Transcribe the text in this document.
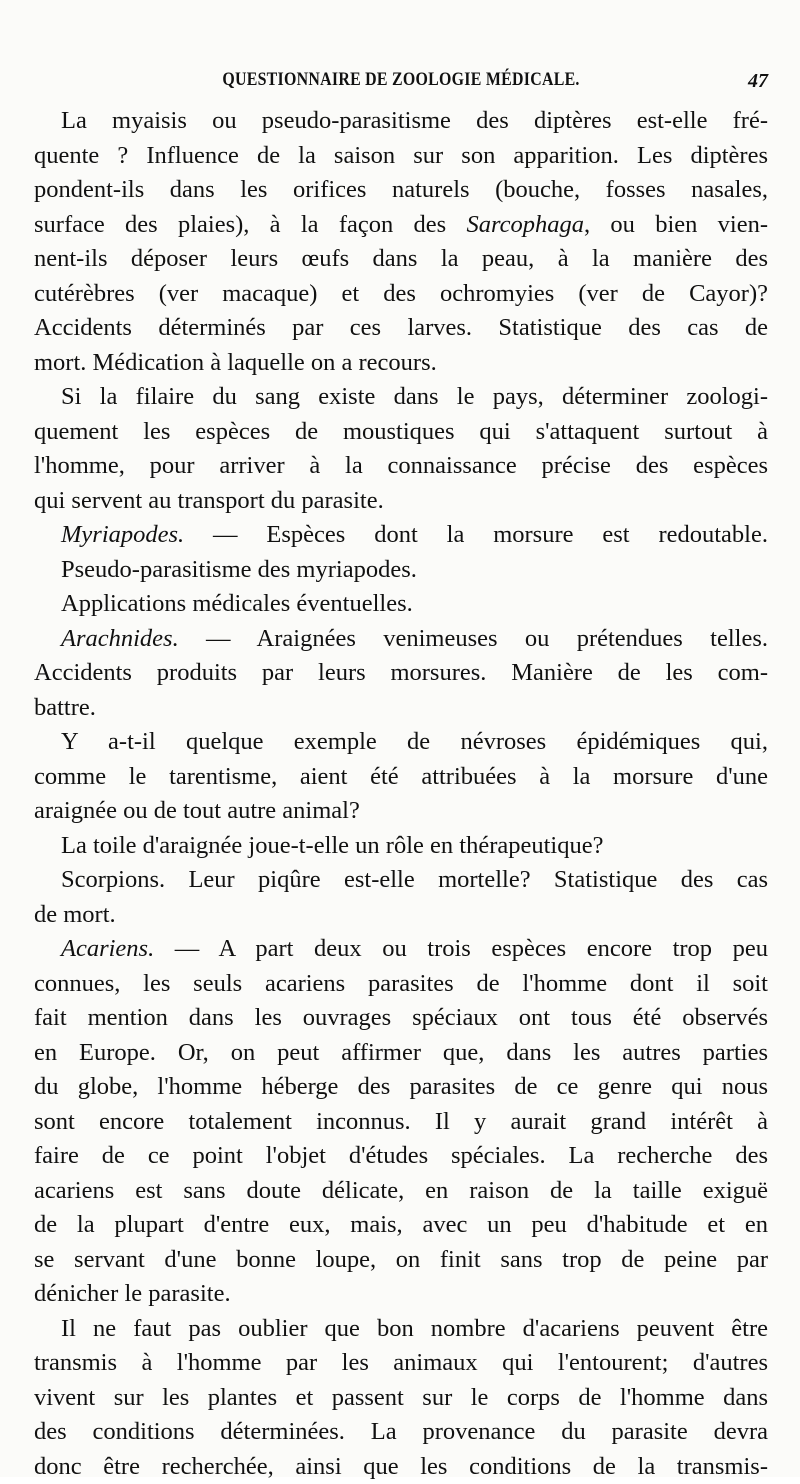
QUESTIONNAIRE DE ZOOLOGIE MÉDICALE.	47
La myaisis ou pseudo-parasitisme des diptères est-elle fré-
quente ? Influence de la saison sur son apparition. Les diptères
pondent-ils dans les orifices naturels (bouche, fosses nasales,
surface des plaies), à la façon des Sarcophaga, ou bien vien-
nent-ils déposer leurs œufs dans la peau, à la manière des
cutérèbres (ver macaque) et des ochromyies (ver de Cayor)?
Accidents déterminés par ces larves. Statistique des cas de
mort. Médication à laquelle on a recours.
Si la filaire du sang existe dans le pays, déterminer zoologi-
quement les espèces de moustiques qui s'attaquent surtout à
l'homme, pour arriver à la connaissance précise des espèces
qui servent au transport du parasite.
Myriapodes. — Espèces dont la morsure est redoutable.
Pseudo-parasitisme des myriapodes.
Applications médicales éventuelles.
Arachnides. — Araignées venimeuses ou prétendues telles.
Accidents produits par leurs morsures. Manière de les com-
battre.
Y a-t-il quelque exemple de névroses épidémiques qui,
comme le tarentisme, aient été attribuées à la morsure d'une
araignée ou de tout autre animal?
La toile d'araignée joue-t-elle un rôle en thérapeutique?
Scorpions. Leur piqûre est-elle mortelle? Statistique des cas
de mort.
Acariens. — A part deux ou trois espèces encore trop peu
connues, les seuls acariens parasites de l'homme dont il soit
fait mention dans les ouvrages spéciaux ont tous été observés
en Europe. Or, on peut affirmer que, dans les autres parties
du globe, l'homme héberge des parasites de ce genre qui nous
sont encore totalement inconnus. Il y aurait grand intérêt à
faire de ce point l'objet d'études spéciales. La recherche des
acariens est sans doute délicate, en raison de la taille exiguë
de la plupart d'entre eux, mais, avec un peu d'habitude et en
se servant d'une bonne loupe, on finit sans trop de peine par
dénicher le parasite.
Il ne faut pas oublier que bon nombre d'acariens peuvent être
transmis à l'homme par les animaux qui l'entourent; d'autres
vivent sur les plantes et passent sur le corps de l'homme dans
des conditions déterminées. La provenance du parasite devra
donc être recherchée, ainsi que les conditions de la transmis-
